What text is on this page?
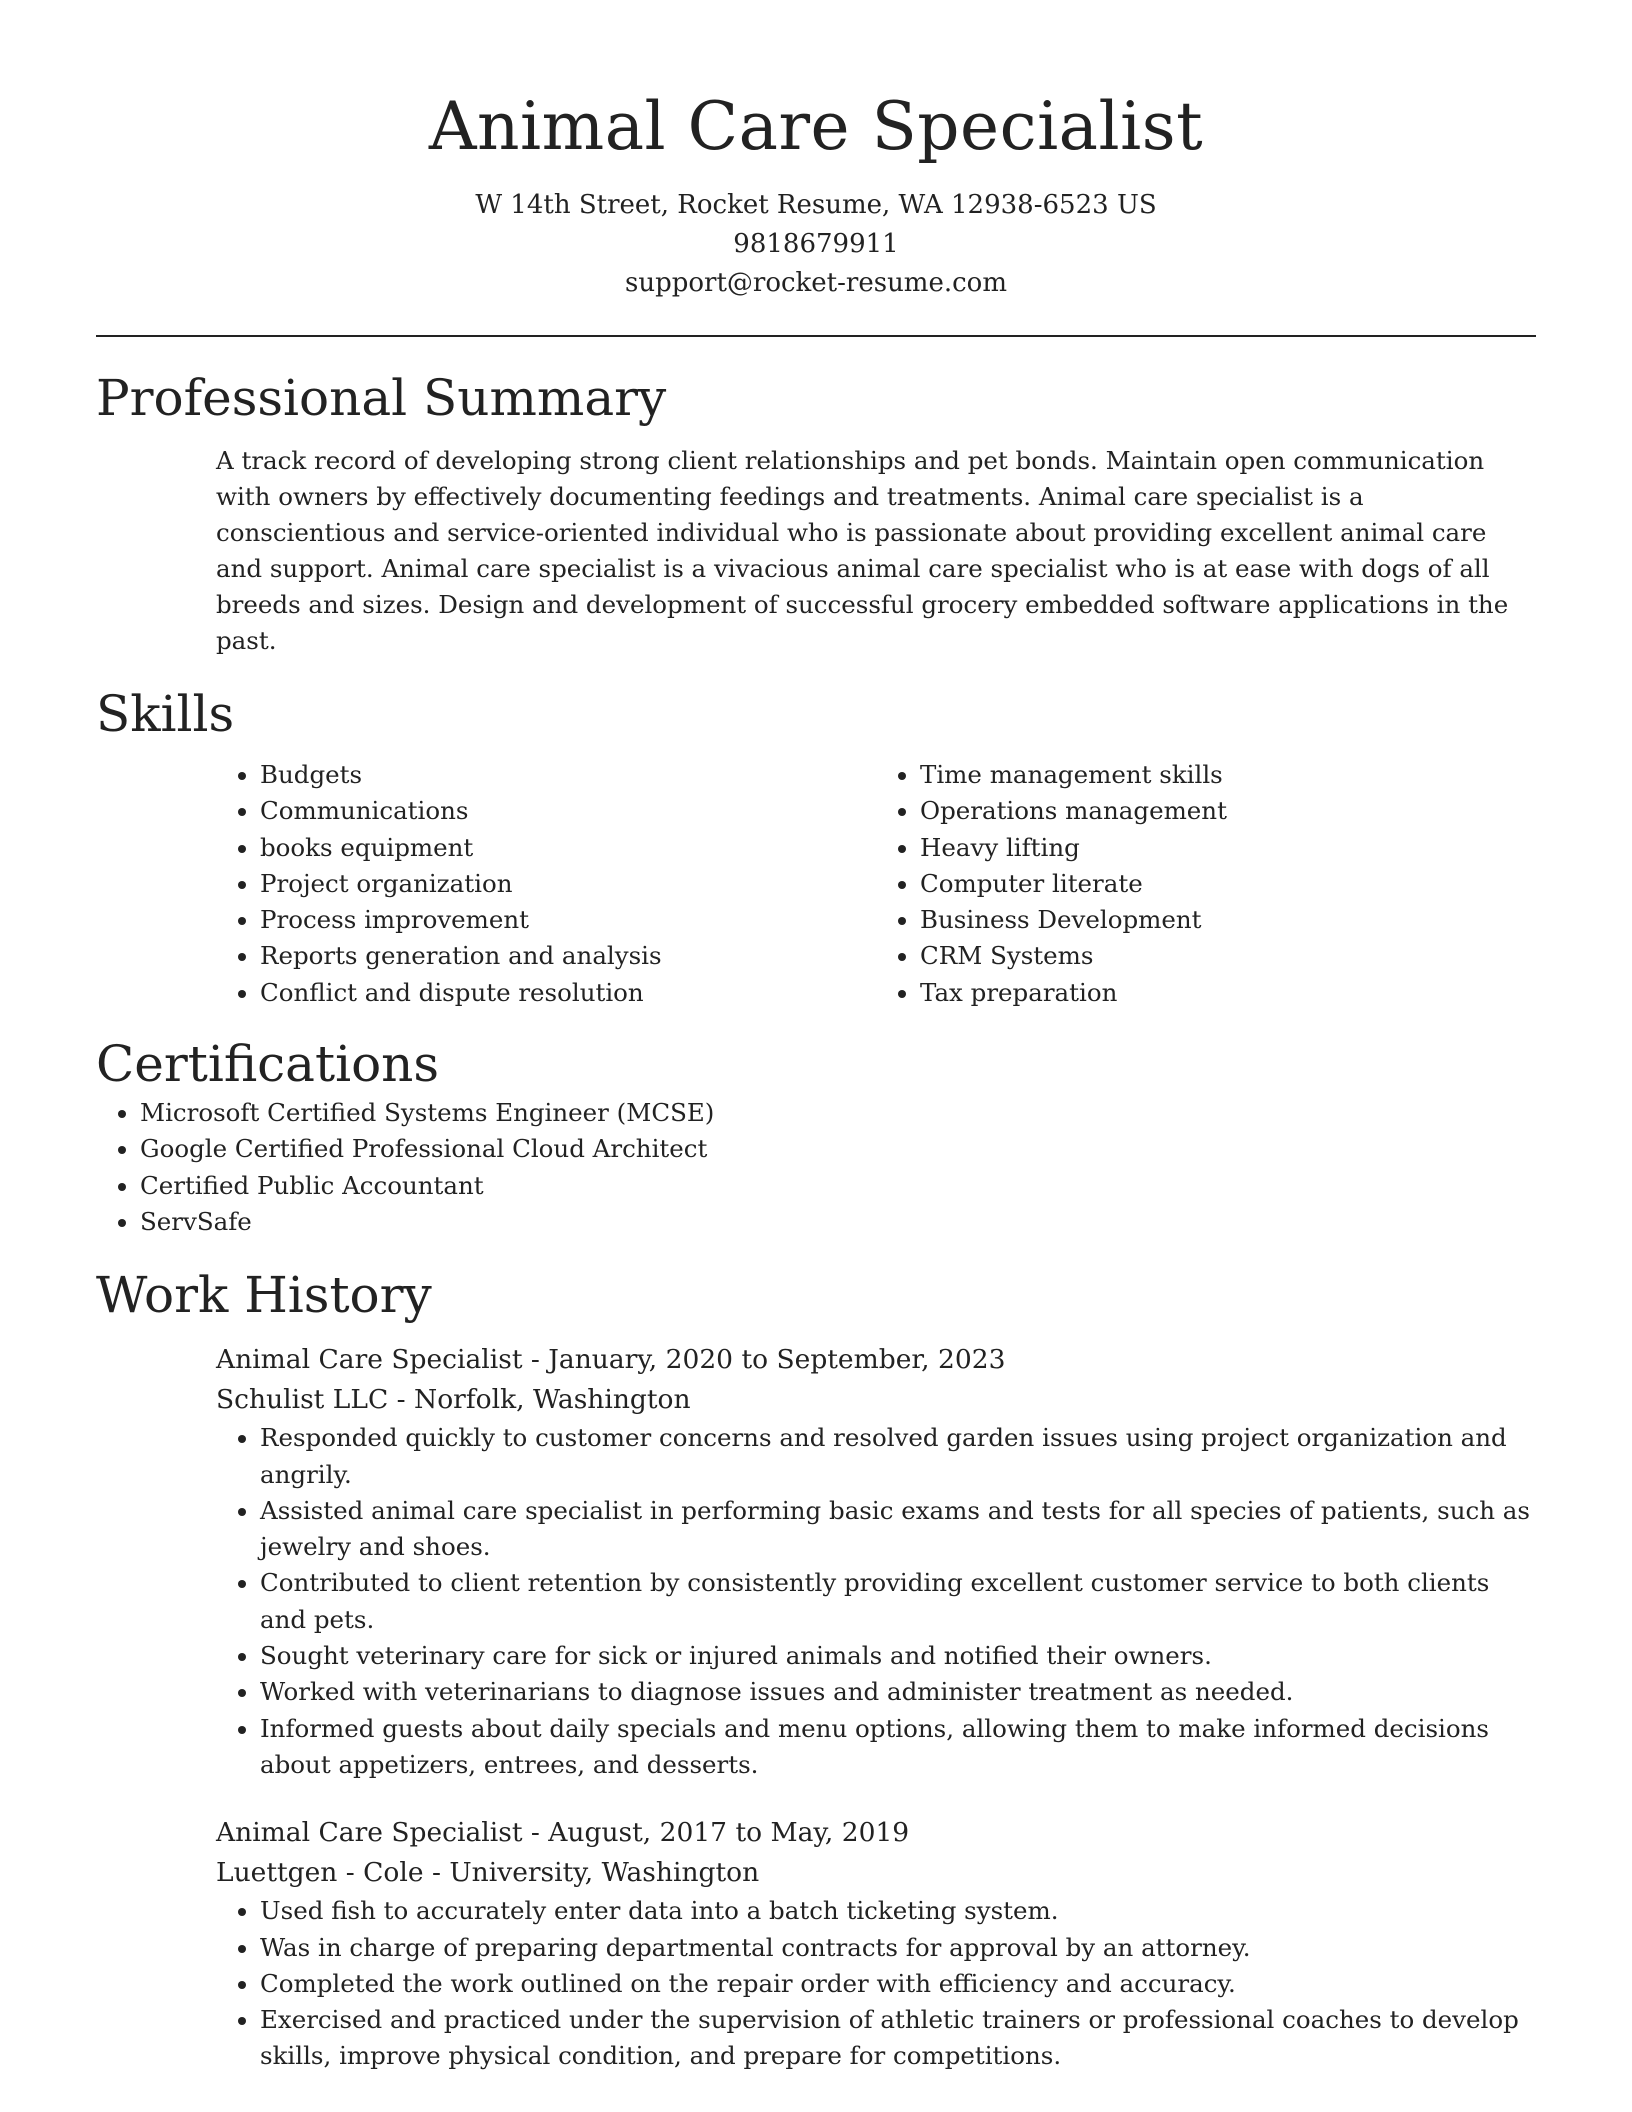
Animal Care Specialist
W 14th Street, Rocket Resume, WA 12938-6523 US
9818679911
support@rocket-resume.com
Professional Summary

A track record of developing strong client relationships and pet bonds. Maintain open communication with owners by effectively documenting feedings and treatments. Animal care specialist is a conscientious and service-oriented individual who is passionate about providing excellent animal care and support. Animal care specialist is a vivacious animal care specialist who is at ease with dogs of all breeds and sizes. Design and development of successful grocery embedded software applications in the past.

Skills
• Budgets
• Communications
• books equipment
• Project organization
• Process improvement
• Reports generation and analysis
• Conflict and dispute resolution
• Time management skills
• Operations management
• Heavy lifting
• Computer literate
• Business Development
• CRM Systems
• Tax preparation
Certifications
• Microsoft Certified Systems Engineer (MCSE)
• Google Certified Professional Cloud Architect
• Certified Public Accountant
• ServSafe
Work History
Animal Care Specialist - January, 2020 to September, 2023
Schulist LLC - Norfolk, Washington
• Responded quickly to customer concerns and resolved garden issues using project organization and angrily.
• Assisted animal care specialist in performing basic exams and tests for all species of patients, such as jewelry and shoes.
• Contributed to client retention by consistently providing excellent customer service to both clients and pets.
• Sought veterinary care for sick or injured animals and notified their owners.
• Worked with veterinarians to diagnose issues and administer treatment as needed.
• Informed guests about daily specials and menu options, allowing them to make informed decisions about appetizers, entrees, and desserts.
Animal Care Specialist - August, 2017 to May, 2019
Luettgen - Cole - University, Washington
• Used fish to accurately enter data into a batch ticketing system.
• Was in charge of preparing departmental contracts for approval by an attorney.
• Completed the work outlined on the repair order with efficiency and accuracy.
• Exercised and practiced under the supervision of athletic trainers or professional coaches to develop skills, improve physical condition, and prepare for competitions.
